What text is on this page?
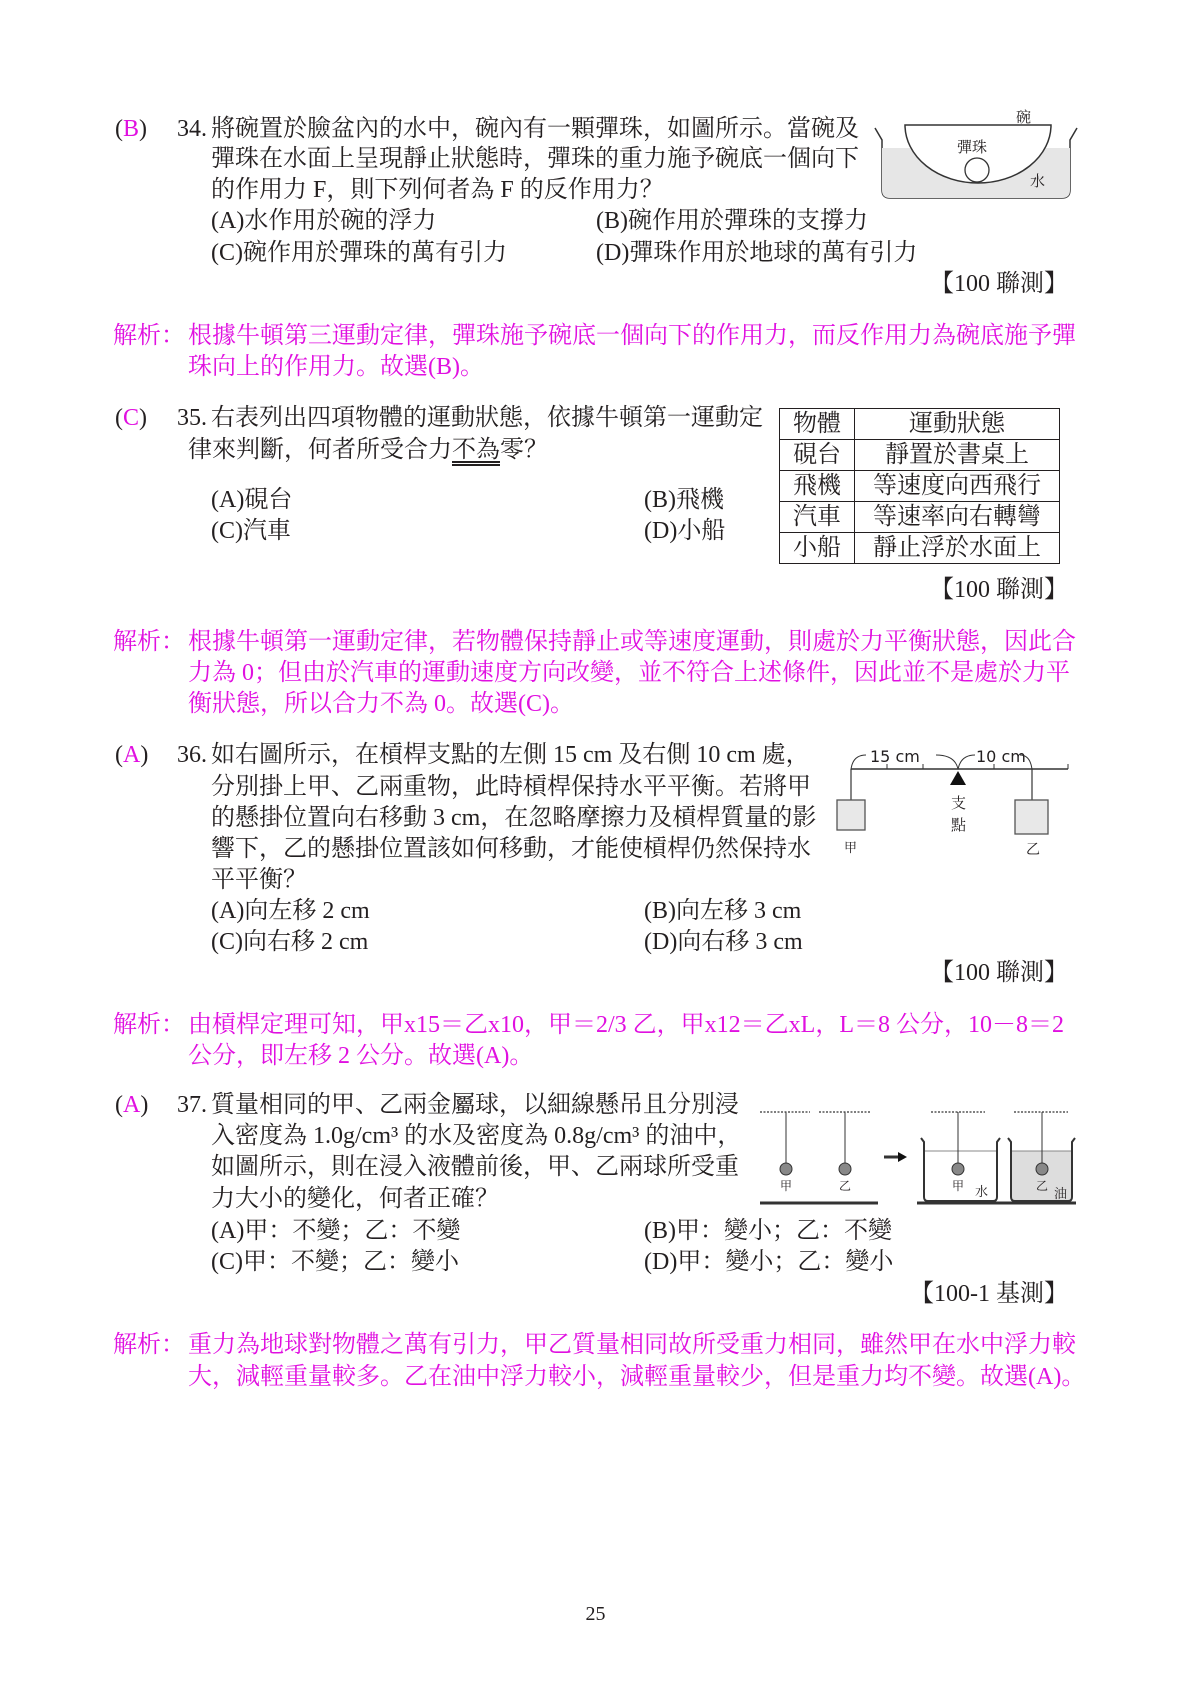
(B) 34. 將碗置於臉盆內的水中，碗內有一顆彈珠，如圖所示。當碗及
彈珠在水面上呈現靜止狀態時，彈珠的重力施予碗底一個向下
的作用力 F，則下列何者為 F 的反作用力？
(A)水作用於碗的浮力	(B)碗作用於彈珠的支撐力
(C)碗作用於彈珠的萬有引力	(D)彈珠作用於地球的萬有引力
【100 聯測】
解析： 根據牛頓第三運動定律，彈珠施予碗底一個向下的作用力，而反作用力為碗底施予彈
珠向上的作用力。故選(B)。
(C) 35. 右表列出四項物體的運動狀態，依據牛頓第一運動定
律來判斷，何者所受合力不為零？
(A)硯台	(B)飛機
(C)汽車	(D)小船
物體	運動狀態
硯台	靜置於書桌上
飛機	等速度向西飛行
汽車	等速率向右轉彎
小船	靜止浮於水面上
【100 聯測】
解析： 根據牛頓第一運動定律，若物體保持靜止或等速度運動，則處於力平衡狀態，因此合
力為 0；但由於汽車的運動速度方向改變，並不符合上述條件，因此並不是處於力平
衡狀態，所以合力不為 0。故選(C)。
(A) 36. 如右圖所示，在槓桿支點的左側 15 cm 及右側 10 cm 處，
分別掛上甲、乙兩重物，此時槓桿保持水平平衡。若將甲
的懸掛位置向右移動 3 cm，在忽略摩擦力及槓桿質量的影
響下，乙的懸掛位置該如何移動，才能使槓桿仍然保持水
平平衡？
(A)向左移 2 cm	(B)向左移 3 cm
(C)向右移 2 cm	(D)向右移 3 cm
【100 聯測】
解析： 由槓桿定理可知，甲x15＝乙x10，甲＝2/3 乙，甲x12＝乙xL，L＝8 公分，10－8＝2
公分，即左移 2 公分。故選(A)。
(A) 37. 質量相同的甲、乙兩金屬球，以細線懸吊且分別浸
入密度為 1.0g/cm³ 的水及密度為 0.8g/cm³ 的油中，
如圖所示，則在浸入液體前後，甲、乙兩球所受重
力大小的變化，何者正確？
(A)甲：不變；乙：不變	(B)甲：變小；乙：不變
(C)甲：不變；乙：變小	(D)甲：變小；乙：變小
【100-1 基測】
解析： 重力為地球對物體之萬有引力，甲乙質量相同故所受重力相同，雖然甲在水中浮力較
大，減輕重量較多。乙在油中浮力較小，減輕重量較少，但是重力均不變。故選(A)。
碗
彈珠
水
15 cm	10 cm
支
點
甲	乙
甲	乙	甲	乙
水	油
25
